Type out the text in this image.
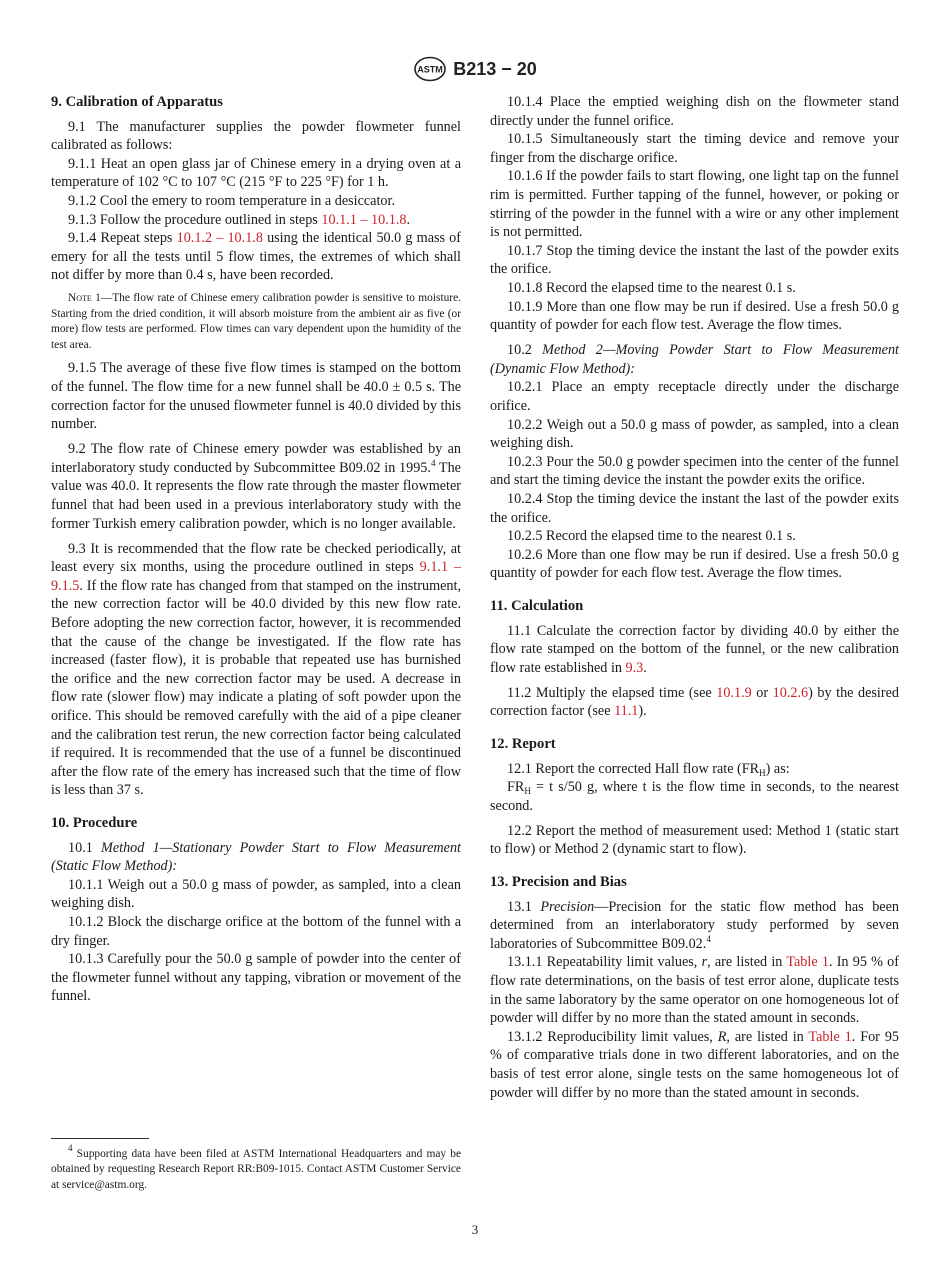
ASTM B213 − 20
9. Calibration of Apparatus

9.1 The manufacturer supplies the powder flowmeter funnel calibrated as follows:

9.1.1 Heat an open glass jar of Chinese emery in a drying oven at a temperature of 102 °C to 107 °C (215 °F to 225 °F) for 1 h.

9.1.2 Cool the emery to room temperature in a desiccator.

9.1.3 Follow the procedure outlined in steps 10.1.1 – 10.1.8.

9.1.4 Repeat steps 10.1.2 – 10.1.8 using the identical 50.0 g mass of emery for all the tests until 5 flow times, the extremes of which shall not differ by more than 0.4 s, have been recorded.

Note 1—The flow rate of Chinese emery calibration powder is sensitive to moisture. Starting from the dried condition, it will absorb moisture from the ambient air as five (or more) flow tests are performed. Flow times can vary dependent upon the humidity of the test area.

9.1.5 The average of these five flow times is stamped on the bottom of the funnel. The flow time for a new funnel shall be 40.0 ± 0.5 s. The correction factor for the unused flowmeter funnel is 40.0 divided by this number.

9.2 The flow rate of Chinese emery powder was established by an interlaboratory study conducted by Subcommittee B09.02 in 1995.$^4$ The value was 40.0. It represents the flow rate through the master flowmeter funnel that had been used in a previous interlaboratory study with the former Turkish emery calibration powder, which is no longer available.

9.3 It is recommended that the flow rate be checked periodically, at least every six months, using the procedure outlined in steps 9.1.1 – 9.1.5. If the flow rate has changed from that stamped on the instrument, the new correction factor will be 40.0 divided by this new flow rate. Before adopting the new correction factor, however, it is recommended that the cause of the change be investigated. If the flow rate has increased (faster flow), it is probable that repeated use has burnished the orifice and the new correction factor may be used. A decrease in flow rate (slower flow) may indicate a plating of soft powder upon the orifice. This should be removed carefully with the aid of a pipe cleaner and the calibration test rerun, the new correction factor being calculated if required. It is recommended that the use of a funnel be discontinued after the flow rate of the emery has increased such that the time of flow is less than 37 s.

10. Procedure

10.1 Method 1—Stationary Powder Start to Flow Measurement (Static Flow Method):

10.1.1 Weigh out a 50.0 g mass of powder, as sampled, into a clean weighing dish.

10.1.2 Block the discharge orifice at the bottom of the funnel with a dry finger.

10.1.3 Carefully pour the 50.0 g sample of powder into the center of the flowmeter funnel without any tapping, vibration or movement of the funnel.

$^4$ Supporting data have been filed at ASTM International Headquarters and may be obtained by requesting Research Report RR:B09-1015. Contact ASTM Customer Service at service@astm.org.

10.1.4 Place the emptied weighing dish on the flowmeter stand directly under the funnel orifice.

10.1.5 Simultaneously start the timing device and remove your finger from the discharge orifice.

10.1.6 If the powder fails to start flowing, one light tap on the funnel rim is permitted. Further tapping of the funnel, however, or poking or stirring of the powder in the funnel with a wire or any other implement is not permitted.

10.1.7 Stop the timing device the instant the last of the powder exits the orifice.

10.1.8 Record the elapsed time to the nearest 0.1 s.

10.1.9 More than one flow may be run if desired. Use a fresh 50.0 g quantity of powder for each flow test. Average the flow times.

10.2 Method 2—Moving Powder Start to Flow Measurement (Dynamic Flow Method):

10.2.1 Place an empty receptacle directly under the discharge orifice.

10.2.2 Weigh out a 50.0 g mass of powder, as sampled, into a clean weighing dish.

10.2.3 Pour the 50.0 g powder specimen into the center of the funnel and start the timing device the instant the powder exits the orifice.

10.2.4 Stop the timing device the instant the last of the powder exits the orifice.

10.2.5 Record the elapsed time to the nearest 0.1 s.

10.2.6 More than one flow may be run if desired. Use a fresh 50.0 g quantity of powder for each flow test. Average the flow times.

11. Calculation

11.1 Calculate the correction factor by dividing 40.0 by either the flow rate stamped on the bottom of the funnel, or the new calibration flow rate established in 9.3.

11.2 Multiply the elapsed time (see 10.1.9 or 10.2.6) by the desired correction factor (see 11.1).

12. Report

12.1 Report the corrected Hall flow rate $(FR_H)$ as:

$FR_H = t$ s/50 g, where t is the flow time in seconds, to the nearest second.

12.2 Report the method of measurement used: Method 1 (static start to flow) or Method 2 (dynamic start to flow).

13. Precision and Bias

13.1 Precision—Precision for the static flow method has been determined from an interlaboratory study performed by seven laboratories of Subcommittee B09.02.$^4$

13.1.1 Repeatability limit values, r, are listed in Table 1. In 95 % of flow rate determinations, on the basis of test error alone, duplicate tests in the same laboratory by the same operator on one homogeneous lot of powder will differ by no more than the stated amount in seconds.

13.1.2 Reproducibility limit values, R, are listed in Table 1. For 95 % of comparative trials done in two different laboratories, and on the basis of test error alone, single tests on the same homogeneous lot of powder will differ by no more than the stated amount in seconds.

3
